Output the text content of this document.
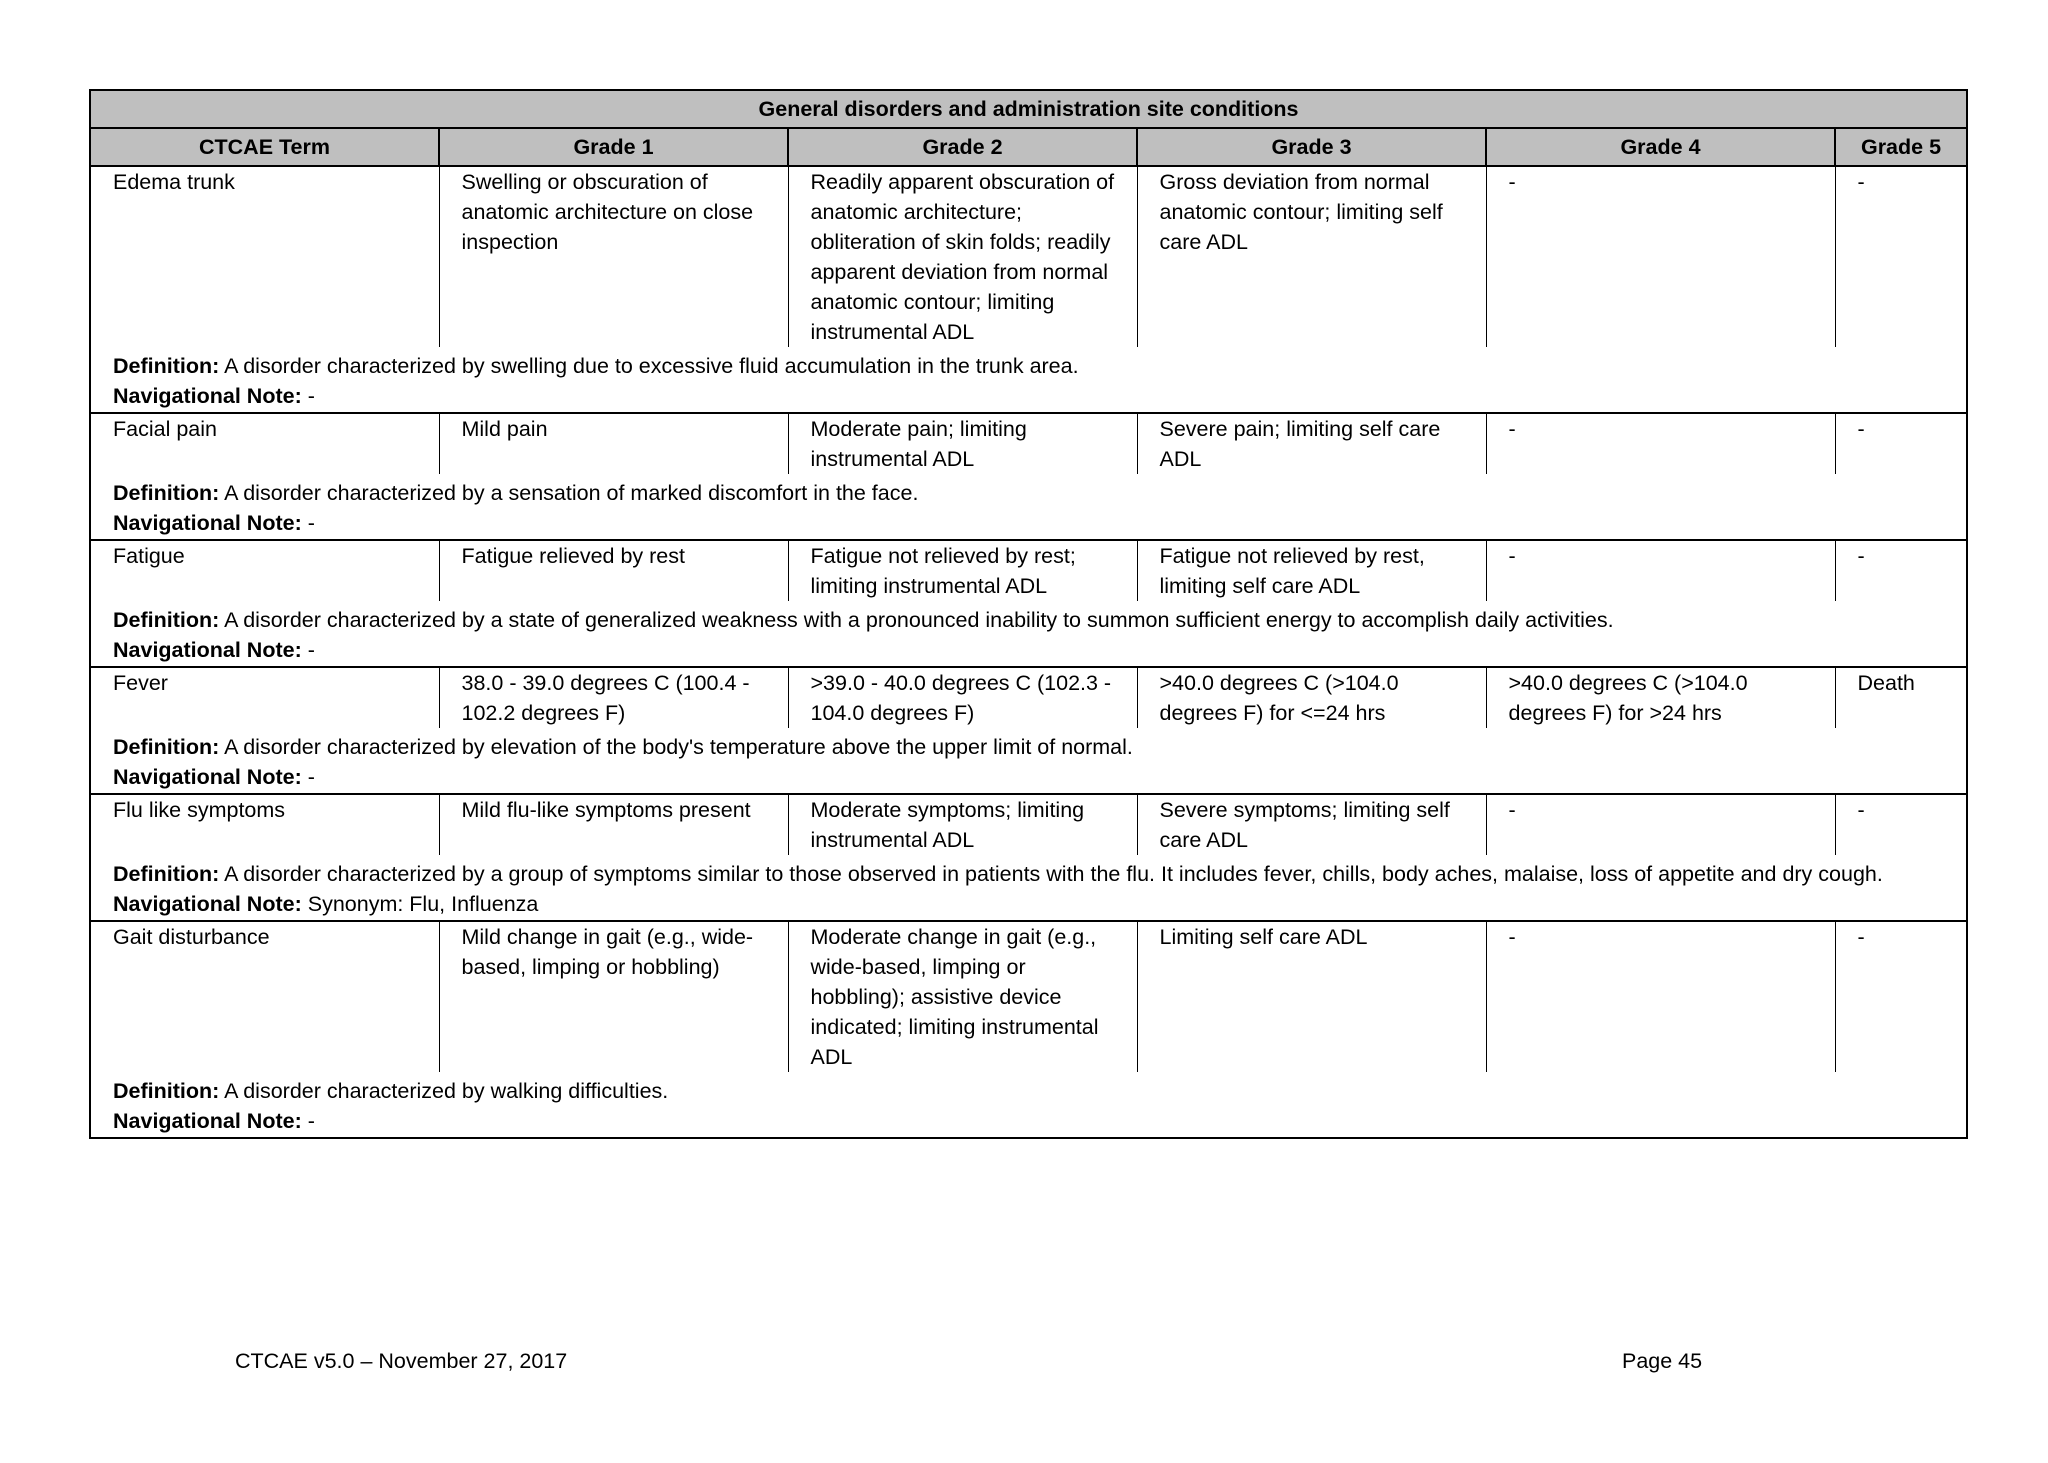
General disorders and administration site conditions					
CTCAE Term	Grade 1	Grade 2	Grade 3	Grade 4	Grade 5
Edema trunk	Swelling or obscuration of anatomic architecture on close inspection	Readily apparent obscuration of anatomic architecture; obliteration of skin folds; readily apparent deviation from normal anatomic contour; limiting instrumental ADL	Gross deviation from normal anatomic contour; limiting self care ADL	-	-
Definition: A disorder characterized by swelling due to excessive fluid accumulation in the trunk area.					
Navigational Note: -					
Facial pain	Mild pain	Moderate pain; limiting instrumental ADL	Severe pain; limiting self care ADL	-	-
Definition: A disorder characterized by a sensation of marked discomfort in the face.					
Navigational Note: -					
Fatigue	Fatigue relieved by rest	Fatigue not relieved by rest; limiting instrumental ADL	Fatigue not relieved by rest, limiting self care ADL	-	-
Definition: A disorder characterized by a state of generalized weakness with a pronounced inability to summon sufficient energy to accomplish daily activities.					
Navigational Note: -					
Fever	38.0 - 39.0 degrees C (100.4 - 102.2 degrees F)	>39.0 - 40.0 degrees C (102.3 - 104.0 degrees F)	>40.0 degrees C (>104.0 degrees F) for <=24 hrs	>40.0 degrees C (>104.0 degrees F) for >24 hrs	Death
Definition: A disorder characterized by elevation of the body's temperature above the upper limit of normal.					
Navigational Note: -					
Flu like symptoms	Mild flu-like symptoms present	Moderate symptoms; limiting instrumental ADL	Severe symptoms; limiting self care ADL	-	-
Definition: A disorder characterized by a group of symptoms similar to those observed in patients with the flu. It includes fever, chills, body aches, malaise, loss of appetite and dry cough.					
Navigational Note: Synonym: Flu, Influenza					
Gait disturbance	Mild change in gait (e.g., wide-based, limping or hobbling)	Moderate change in gait (e.g., wide-based, limping or hobbling); assistive device indicated; limiting instrumental ADL	Limiting self care ADL	-	-
Definition: A disorder characterized by walking difficulties.					
Navigational Note: -					
CTCAE v5.0 – November 27, 2017	Page 45
